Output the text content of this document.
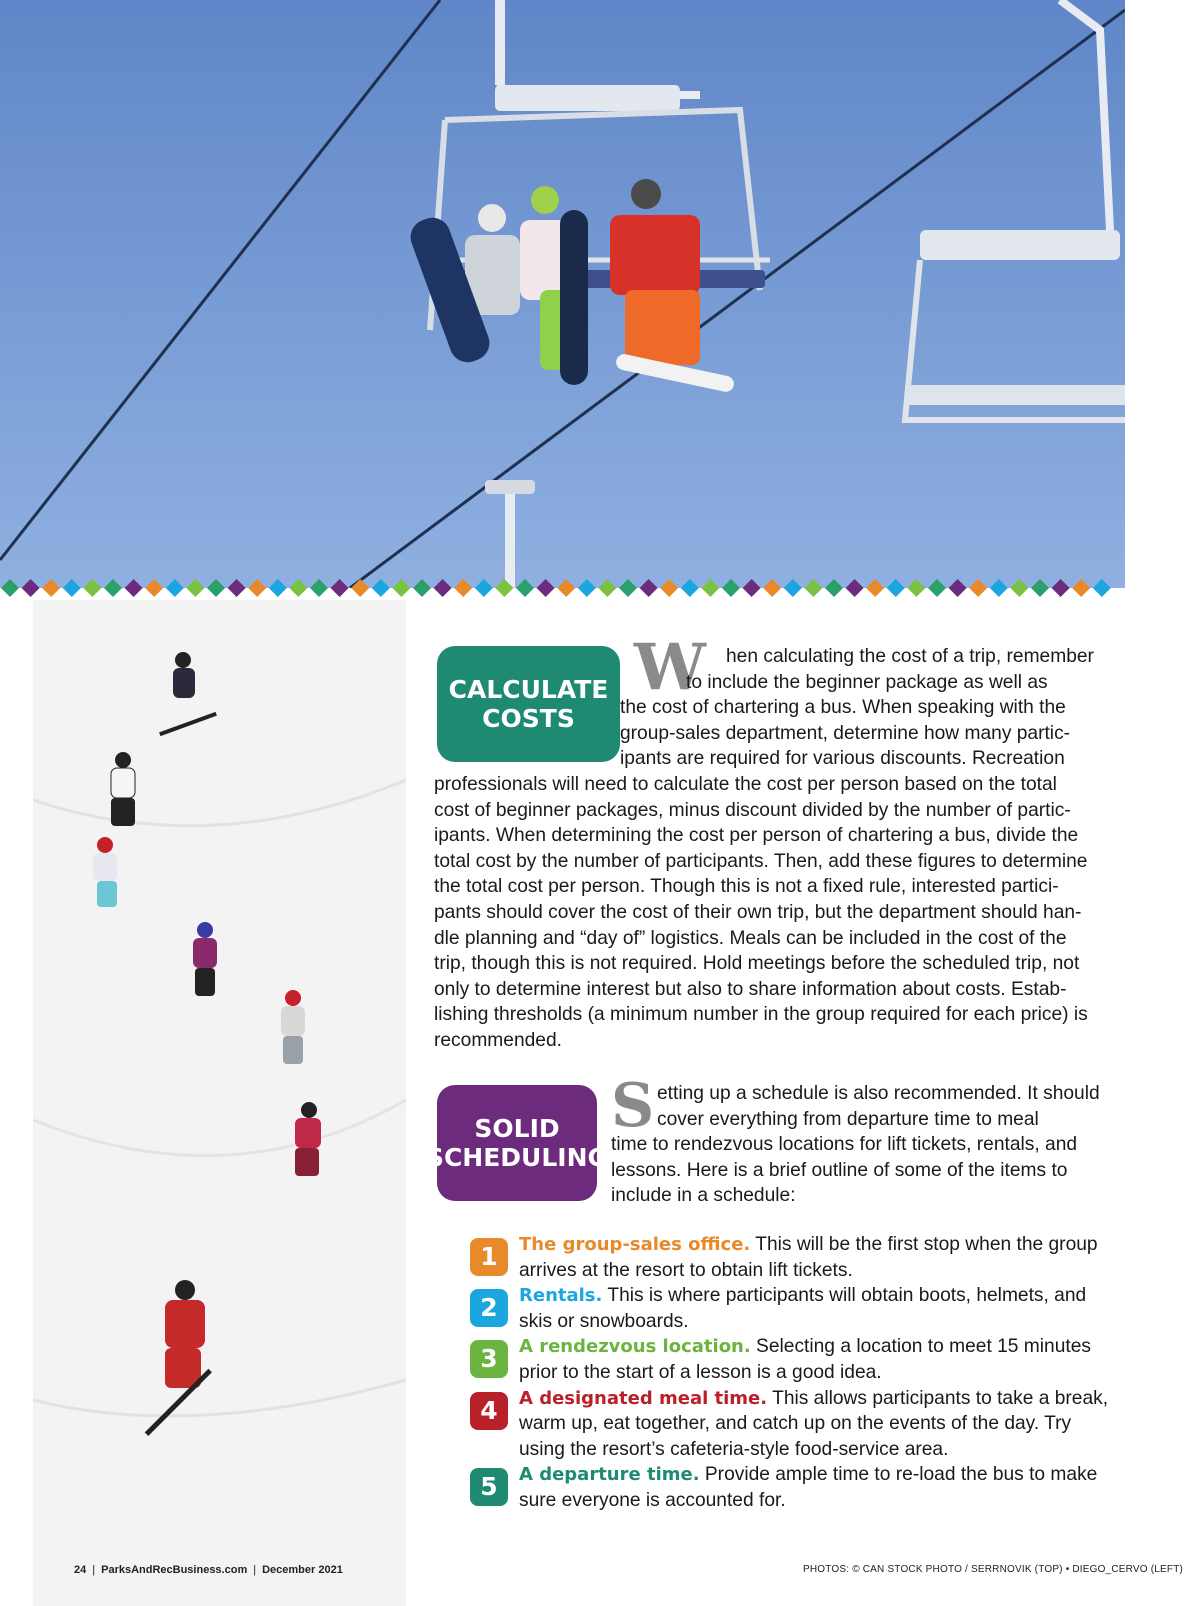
CALCULATE
COSTS
W	hen calculating the cost of a trip, remember
to include the beginner package as well as
the cost of chartering a bus. When speaking with the
group-sales department, determine how many partic-
ipants are required for various discounts. Recreation
professionals will need to calculate the cost per person based on the total
cost of beginner packages, minus discount divided by the number of partic-
ipants. When determining the cost per person of chartering a bus, divide the
total cost by the number of participants. Then, add these figures to determine
the total cost per person. Though this is not a fixed rule, interested partici-
pants should cover the cost of their own trip, but the department should han-
dle planning and “day of” logistics. Meals can be included in the cost of the
trip, though this is not required. Hold meetings before the scheduled trip, not
only to determine interest but also to share information about costs. Estab-
lishing thresholds (a minimum number in the group required for each price) is
recommended.
SOLID
SCHEDULING
S etting up a schedule is also recommended. It should
cover everything from departure time to meal
time to rendezvous locations for lift tickets, rentals, and
lessons. Here is a brief outline of some of the items to
include in a schedule:
1	The group-sales office. This will be the first stop when the group
arrives at the resort to obtain lift tickets.
2	Rentals. This is where participants will obtain boots, helmets, and
skis or snowboards.
3	A rendezvous location. Selecting a location to meet 15 minutes
prior to the start of a lesson is a good idea.
4	A designated meal time. This allows participants to take a break,
warm up, eat together, and catch up on the events of the day. Try
using the resort’s cafeteria-style food-service area.
5	A departure time. Provide ample time to re-load the bus to make
sure everyone is accounted for.
24 | ParksAndRecBusiness.com | December 2021	PHOTOS: © CAN STOCK PHOTO / SERRNOVIK (TOP) • DIEGO_CERVO (LEFT)
